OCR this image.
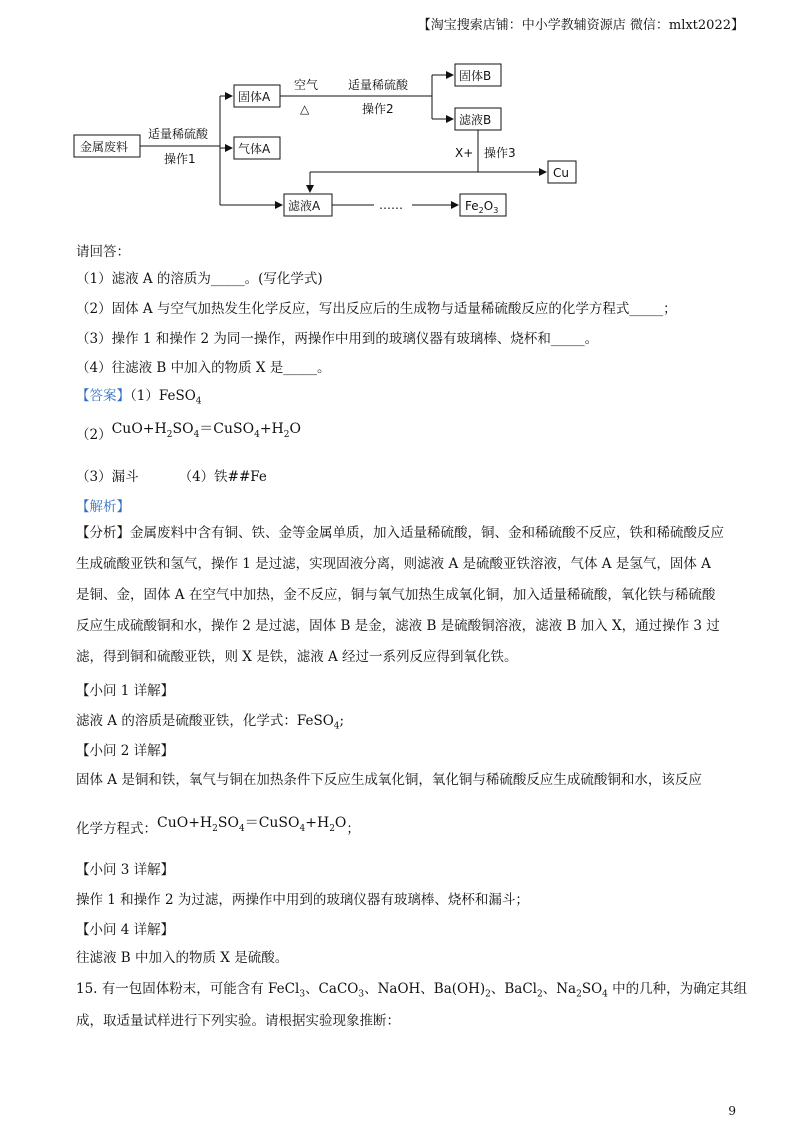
【淘宝搜索店铺：中小学教辅资源店 微信：mlxt2022】
金属废料
适量稀硫酸
操作1
固体A
气体A
滤液A
空气
△
适量稀硫酸
操作2
固体B
滤液B
X+ 操作3
Cu
……	$Fe_2O_3$
请回答：
（1）滤液 A 的溶质为_____。(写化学式)
（2）固体 A 与空气加热发生化学反应，写出反应后的生成物与适量稀硫酸反应的化学方程式_____；
（3）操作 1 和操作 2 为同一操作，两操作中用到的玻璃仪器有玻璃棒、烧杯和_____。
（4）往滤液 B 中加入的物质 X 是_____。
【答案】（1）FeSO$_4$
$(2)CuO+H_2SO_4=CuSO_4+H_2O$
（3）漏斗	（4）铁##Fe
【解析】
【分析】金属废料中含有铜、铁、金等金属单质，加入适量稀硫酸，铜、金和稀硫酸不反应，铁和稀硫酸反应生成硫酸亚铁和氢气，操作 1 是过滤，实现固液分离，则滤液 A 是硫酸亚铁溶液，气体 A 是氢气，固体 A 是铜、金，固体 A 在空气中加热，金不反应，铜与氧气加热生成氧化铜，加入适量稀硫酸，氧化铁与稀硫酸反应生成硫酸铜和水，操作 2 是过滤，固体 B 是金，滤液 B 是硫酸铜溶液，滤液 B 加入 X，通过操作 3 过滤，得到铜和硫酸亚铁，则 X 是铁，滤液 A 经过一系列反应得到氧化铁。
【小问 1 详解】
滤液 A 的溶质是硫酸亚铁，化学式：FeSO$_4$;
【小问 2 详解】
固体 A 是铜和铁，氧气与铜在加热条件下反应生成氧化铜，氧化铜与稀硫酸反应生成硫酸铜和水，该反应
化学方程式：$CuO+H_2SO_4=CuSO_4+H_2O$；
【小问 3 详解】
操作 1 和操作 2 为过滤，两操作中用到的玻璃仪器有玻璃棒、烧杯和漏斗；
【小问 4 详解】
往滤液 B 中加入的物质 X 是硫酸。
15. 有一包固体粉末，可能含有 FeCl$_3$、CaCO$_3$、NaOH、$Ba(OH)_2$、BaCl$_2$、$Na_2SO_4$ 中的几种，为确定其组
成，取适量试样进行下列实验。请根据实验现象推断：
9
